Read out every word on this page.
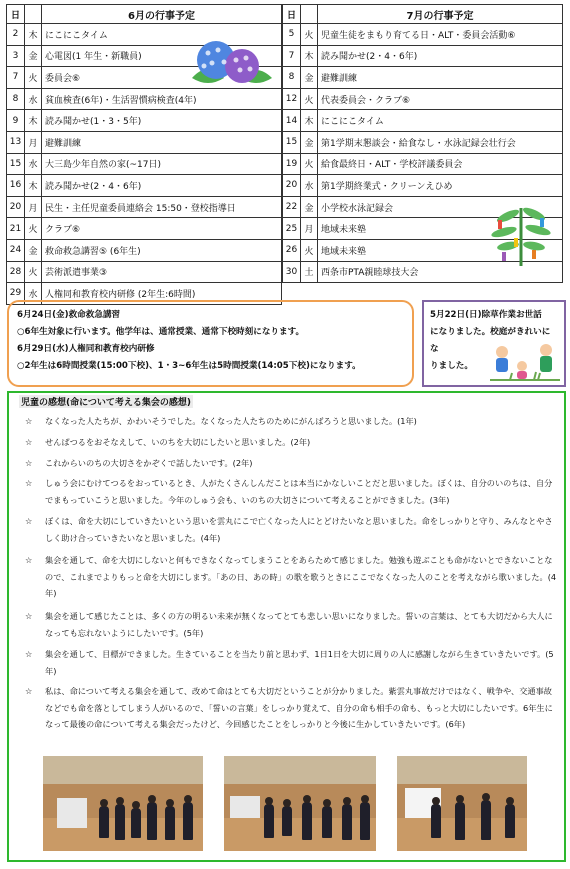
日		6月の行事予定
2	木	にこにこタイム
3	金	心電図(1 年生・新職員)
7	火	委員会⑥
8	水	貧血検査(6年)・生活習慣病検査(4年)
9	木	読み聞かせ(1・3・5年)
13	月	避難訓練
15	水	大三島少年自然の家(~17日)
16	木	読み聞かせ(2・4・6年)
20	月	民生・主任児童委員連絡会 15:50・登校指導日
21	火	クラブ⑥
24	金	救命救急講習⑤ (6年生)
28	火	芸術派遣事業③
29	水	人権同和教育校内研修 (2年生:6時間)
日		7月の行事予定
5	火	児童生徒をまもり育てる日・ALT・委員会活動⑥
7	木	読み聞かせ(2・4・6年)
8	金	避難訓練
12	火	代表委員会・クラブ⑥
14	木	にこにこタイム
15	金	第1学期末懇談会・給食なし・水泳記録会壮行会
19	火	給食最終日・ALT・学校評議委員会
20	水	第1学期終業式・クリーンえひめ
22	金	小学校水泳記録会
25	月	地域未来塾
26	火	地域未来塾
30	土	西条市PTA親睦球技大会
6月24日(金)救命救急講習
○6年生対象に行います。他学年は、通常授業、通常下校時刻になります。
6月29日(水)人権同和教育校内研修
○2年生は6時間授業(15:00下校)、1・3~6年生は5時間授業(14:05下校)になります。
5月22日(日)除草作業お世話
になりました。校庭がきれいにな
りました。
児童の感想(命について考える集会の感想)
☆ なくなった人たちが、かわいそうでした。なくなった人たちのためにがんばろうと思いました。(1年)
☆ せんぱつるをおそなえして、いのちを大切にしたいと思いました。(2年)
☆ これからいのちの大切さをかぞくで話したいです。(2年)
☆ しゅう会にむけてつるをおっているとき、人がたくさんしんだことは本当にかなしいことだと思いました。ぼくは、自分のいのちは、自分でまもっていこうと思いました。今年のしゅう会も、いのちの大切さについて考えることができました。(3年)
☆ ぼくは、命を大切にしていきたいという思いを雲丸にこで亡くなった人にとどけたいなと思いました。命をしっかりと守り、みんなとやさしく助け合っていきたいなと思いました。(4年)
☆ 集会を通して、命を大切にしないと何もできなくなってしまうことをあらためて感じました。勉強も遊ぶことも命がないとできないことなので、これまでよりもっと命を大切にします。「あの日、あの時」の歌を歌うときにここでなくなった人のことを考えながら歌いました。(4年)
☆ 集会を通して感じたことは、多くの方の明るい未来が無くなってとても悲しい思いになりました。誓いの言葉は、とても大切だから大人になっても忘れないようにしたいです。(5年)
☆ 集会を通して、目標ができました。生きていることを当たり前と思わず、1日1日を大切に周りの人に感謝しながら生きていきたいです。(5年)
☆ 私は、命について考える集会を通して、改めて命はとても大切だということが分かりました。紫雲丸事故だけではなく、戦争や、交通事故などでも命を落としてしまう人がいるので、「誓いの言葉」をしっかり覚えて、自分の命も相手の命も、もっと大切にしたいです。6年生になって最後の命について考える集会だったけど、今回感じたことをしっかりと今後に生かしていきたいです。(6年)
